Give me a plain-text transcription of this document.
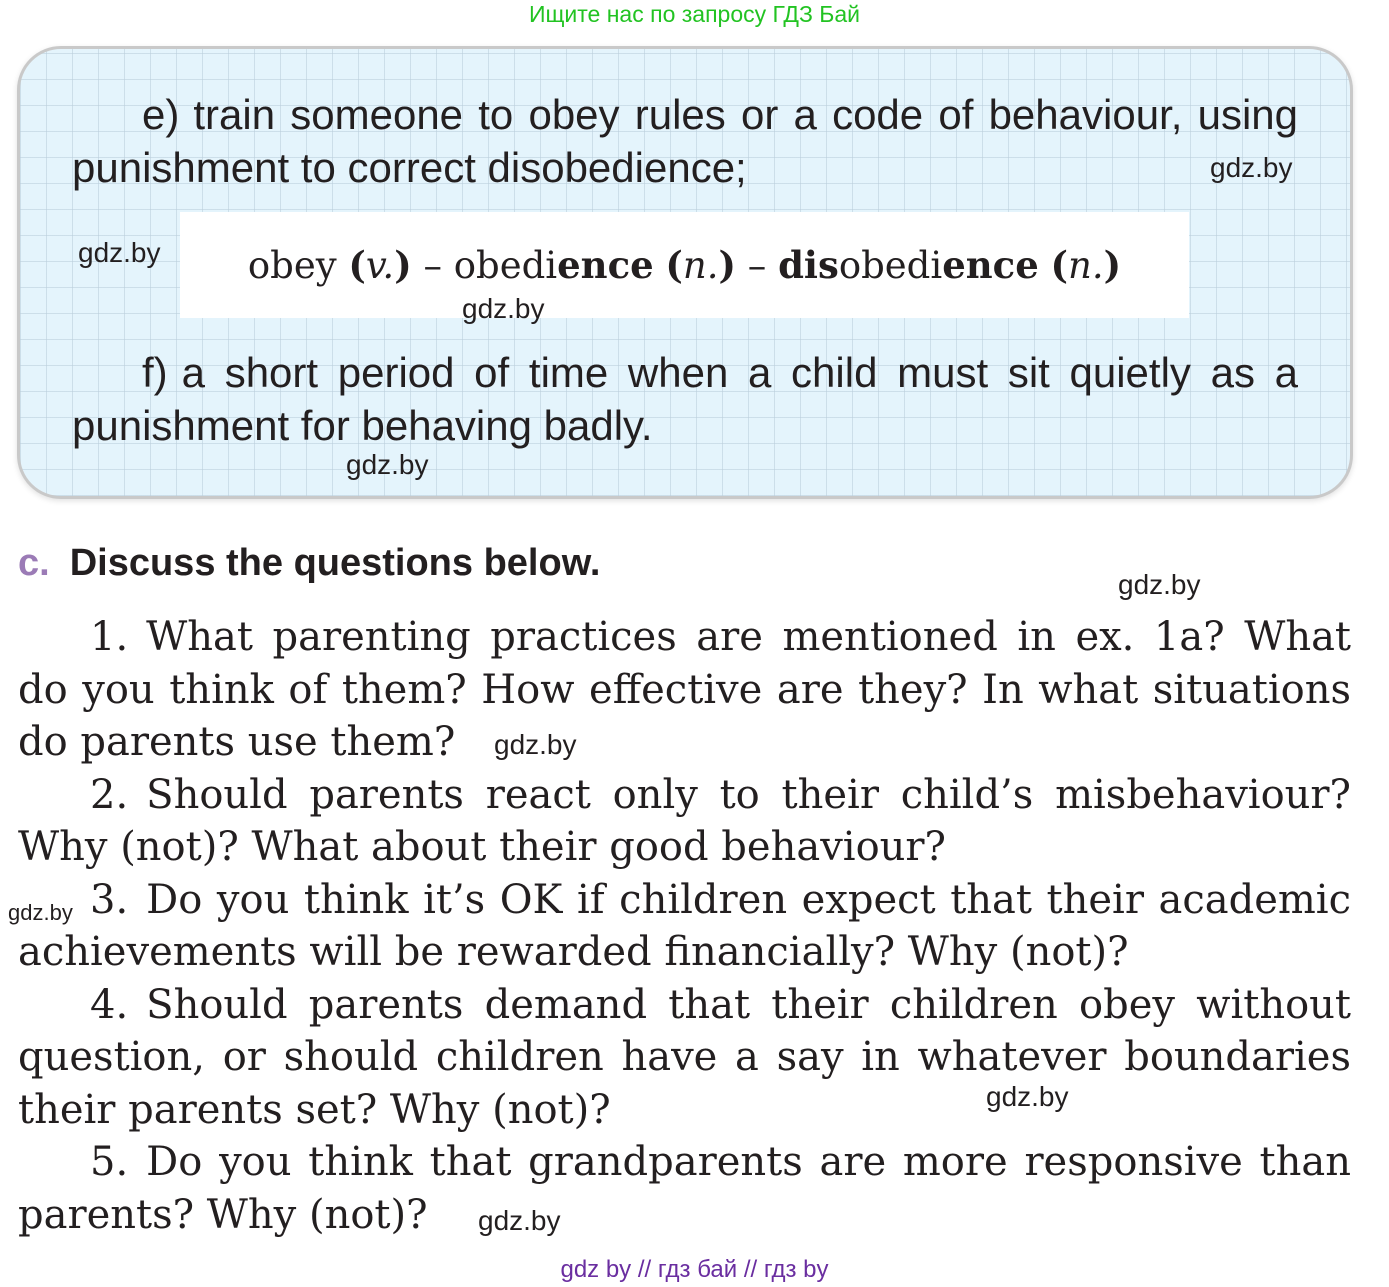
Ищите нас по запросу ГДЗ Бай
e) train someone to obey rules or a code of behaviour, using punishment to correct disobedience;
obey (v.) – obedience (n.) – disobedience (n.)
f) a short period of time when a child must sit quietly as a punishment for behaving badly.
c. Discuss the questions below.
1. What parenting practices are mentioned in ex. 1a? What do you think of them? How effective are they? In what situations do parents use them?
2. Should parents react only to their child’s misbehaviour? Why (not)? What about their good behaviour?
3. Do you think it’s OK if children expect that their academic achievements will be rewarded financially? Why (not)?
4. Should parents demand that their children obey without question, or should children have a say in whatever boundaries their parents set? Why (not)?
5. Do you think that grandparents are more responsive than parents? Why (not)?
gdz.by
gdz.by
gdz.by
gdz.by
gdz.by
gdz.by
gdz.by
gdz.by
gdz.by
gdz by // гдз бай // гдз by
